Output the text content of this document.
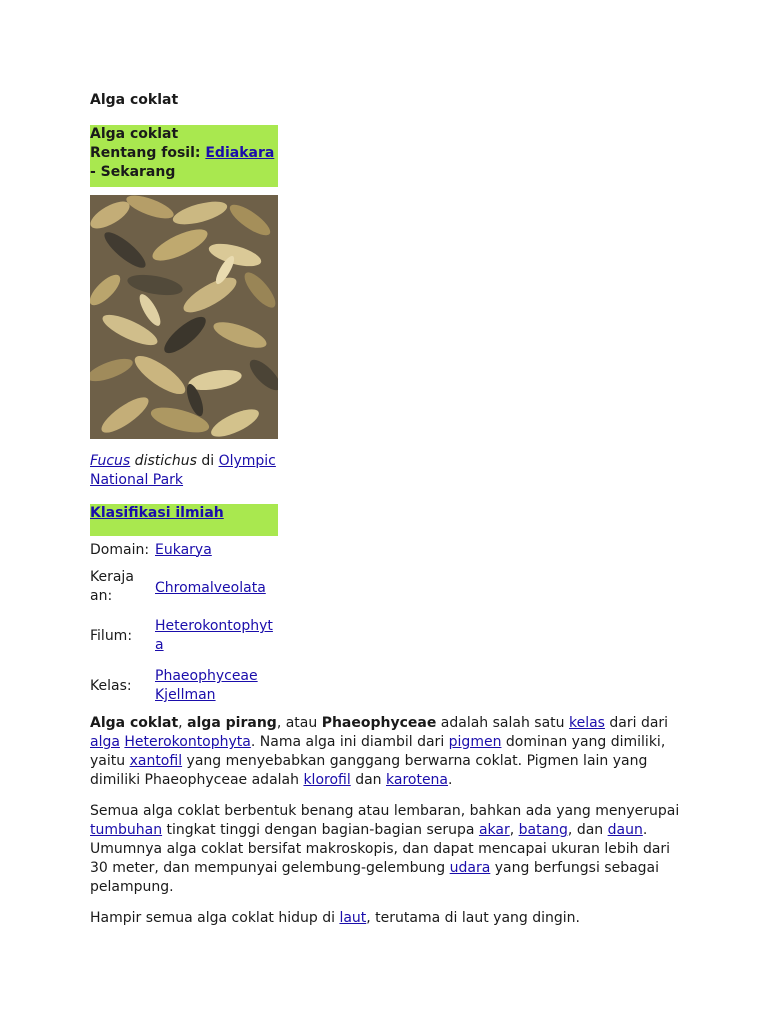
Alga coklat
Alga coklat
Rentang fosil: Ediakara
- Sekarang
Fucus distichus di Olympic National Park
Klasifikasi ilmiah
Domain: Eukarya
Kerajaan:
Chromalveolata
Filum:
Heterokontophyta
Kelas:
Phaeophyceae Kjellman

Alga coklat, alga pirang, atau Phaeophyceae adalah salah satu kelas dari dari alga Heterokontophyta. Nama alga ini diambil dari pigmen dominan yang dimiliki, yaitu xantofil yang menyebabkan ganggang berwarna coklat. Pigmen lain yang dimiliki Phaeophyceae adalah klorofil dan karotena.

Semua alga coklat berbentuk benang atau lembaran, bahkan ada yang menyerupai tumbuhan tingkat tinggi dengan bagian-bagian serupa akar, batang, dan daun. Umumnya alga coklat bersifat makroskopis, dan dapat mencapai ukuran lebih dari 30 meter, dan mempunyai gelembung-gelembung udara yang berfungsi sebagai pelampung.

Hampir semua alga coklat hidup di laut, terutama di laut yang dingin.
